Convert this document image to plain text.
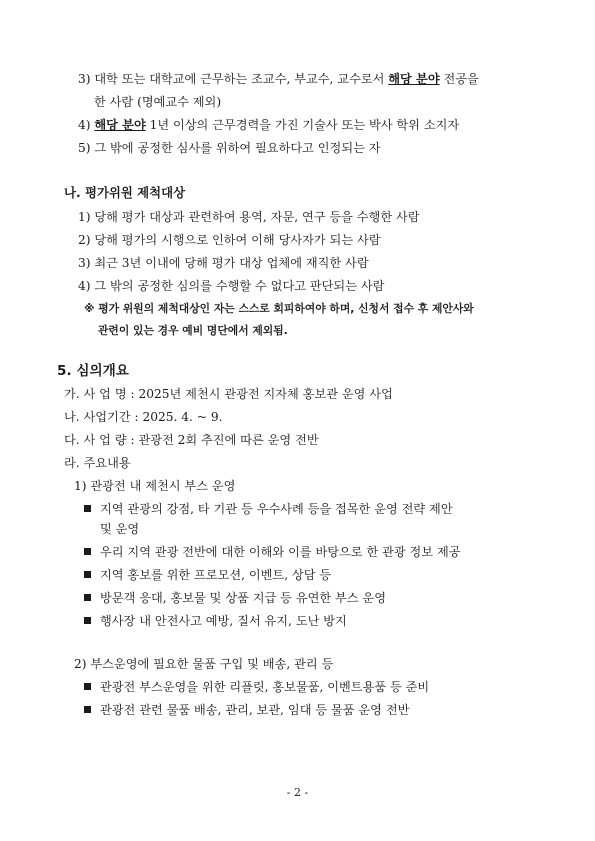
3) 대학 또는 대학교에 근무하는 조교수, 부교수, 교수로서 해당 분야 전공을
한 사람 (명예교수 제외)
4) 해당 분야 1년 이상의 근무경력을 가진 기술사 또는 박사 학위 소지자
5) 그 밖에 공정한 심사를 위하여 필요하다고 인정되는 자
나. 평가위원 제척대상
1) 당해 평가 대상과 관련하여 용역, 자문, 연구 등을 수행한 사람
2) 당해 평가의 시행으로 인하여 이해 당사자가 되는 사람
3) 최근 3년 이내에 당해 평가 대상 업체에 재직한 사람
4) 그 밖의 공정한 심의를 수행할 수 없다고 판단되는 사람
※ 평가 위원의 제척대상인 자는 스스로 회피하여야 하며, 신청서 접수 후 제안사와
관련이 있는 경우 예비 명단에서 제외됨.
5. 심의개요
가. 사 업 명 : 2025년 제천시 관광전 지자체 홍보관 운영 사업
나. 사업기간 : 2025. 4. ~ 9.
다. 사 업 량 : 관광전 2회 추진에 따른 운영 전반
라. 주요내용
1) 관광전 내 제천시 부스 운영
지역 관광의 강점, 타 기관 등 우수사례 등을 접목한 운영 전략 제안
및 운영
우리 지역 관광 전반에 대한 이해와 이를 바탕으로 한 관광 정보 제공
지역 홍보를 위한 프로모션, 이벤트, 상담 등
방문객 응대, 홍보물 및 상품 지급 등 유연한 부스 운영
행사장 내 안전사고 예방, 질서 유지, 도난 방지
2) 부스운영에 필요한 물품 구입 및 배송, 관리 등
관광전 부스운영을 위한 리플릿, 홍보물품, 이벤트용품 등 준비
관광전 관련 물품 배송, 관리, 보관, 임대 등 물품 운영 전반
- 2 -
